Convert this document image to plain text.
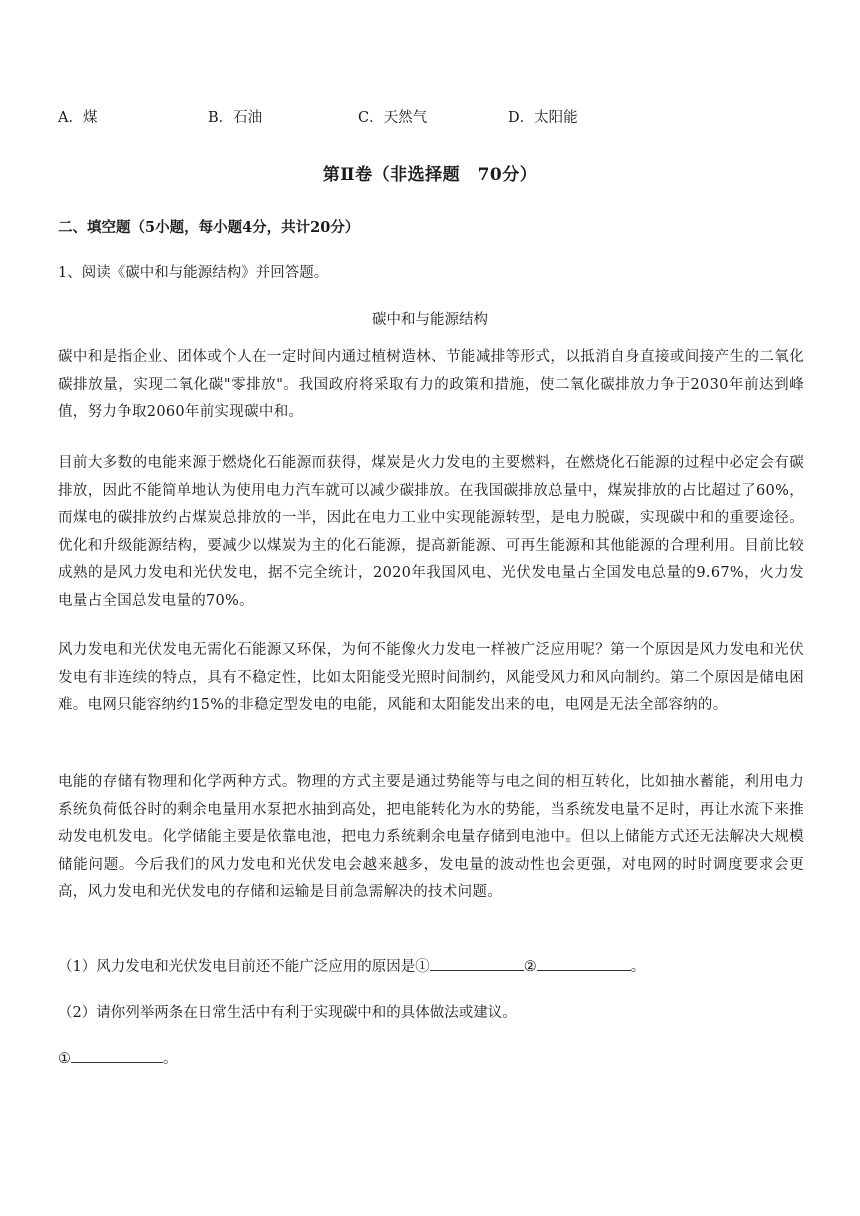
A．煤	B．石油	C．天然气	D．太阳能
第Ⅱ卷（非选择题　70分）
二、填空题（5小题，每小题4分，共计20分）
1、阅读《碳中和与能源结构》并回答题。
碳中和与能源结构
碳中和是指企业、团体或个人在一定时间内通过植树造林、节能减排等形式，以抵消自身直接或间接产生的二氧化碳排放量，实现二氧化碳"零排放"。我国政府将采取有力的政策和措施，使二氧化碳排放力争于2030年前达到峰值，努力争取2060年前实现碳中和。
目前大多数的电能来源于燃烧化石能源而获得，煤炭是火力发电的主要燃料，在燃烧化石能源的过程中必定会有碳排放，因此不能简单地认为使用电力汽车就可以减少碳排放。在我国碳排放总量中，煤炭排放的占比超过了60%，而煤电的碳排放约占煤炭总排放的一半，因此在电力工业中实现能源转型，是电力脱碳，实现碳中和的重要途径。优化和升级能源结构，要减少以煤炭为主的化石能源，提高新能源、可再生能源和其他能源的合理利用。目前比较成熟的是风力发电和光伏发电，据不完全统计，2020年我国风电、光伏发电量占全国发电总量的9.67%，火力发电量占全国总发电量的70%。
风力发电和光伏发电无需化石能源又环保，为何不能像火力发电一样被广泛应用呢？第一个原因是风力发电和光伏发电有非连续的特点，具有不稳定性，比如太阳能受光照时间制约，风能受风力和风向制约。第二个原因是储电困难。电网只能容纳约15%的非稳定型发电的电能，风能和太阳能发出来的电，电网是无法全部容纳的。
电能的存储有物理和化学两种方式。物理的方式主要是通过势能等与电之间的相互转化，比如抽水蓄能，利用电力系统负荷低谷时的剩余电量用水泵把水抽到高处，把电能转化为水的势能，当系统发电量不足时，再让水流下来推动发电机发电。化学储能主要是依靠电池，把电力系统剩余电量存储到电池中。但以上储能方式还无法解决大规模储能问题。今后我们的风力发电和光伏发电会越来越多，发电量的波动性也会更强，对电网的时时调度要求会更高，风力发电和光伏发电的存储和运输是目前急需解决的技术问题。
（1）风力发电和光伏发电目前还不能广泛应用的原因是①	②	。
（2）请你列举两条在日常生活中有利于实现碳中和的具体做法或建议。
①	。
